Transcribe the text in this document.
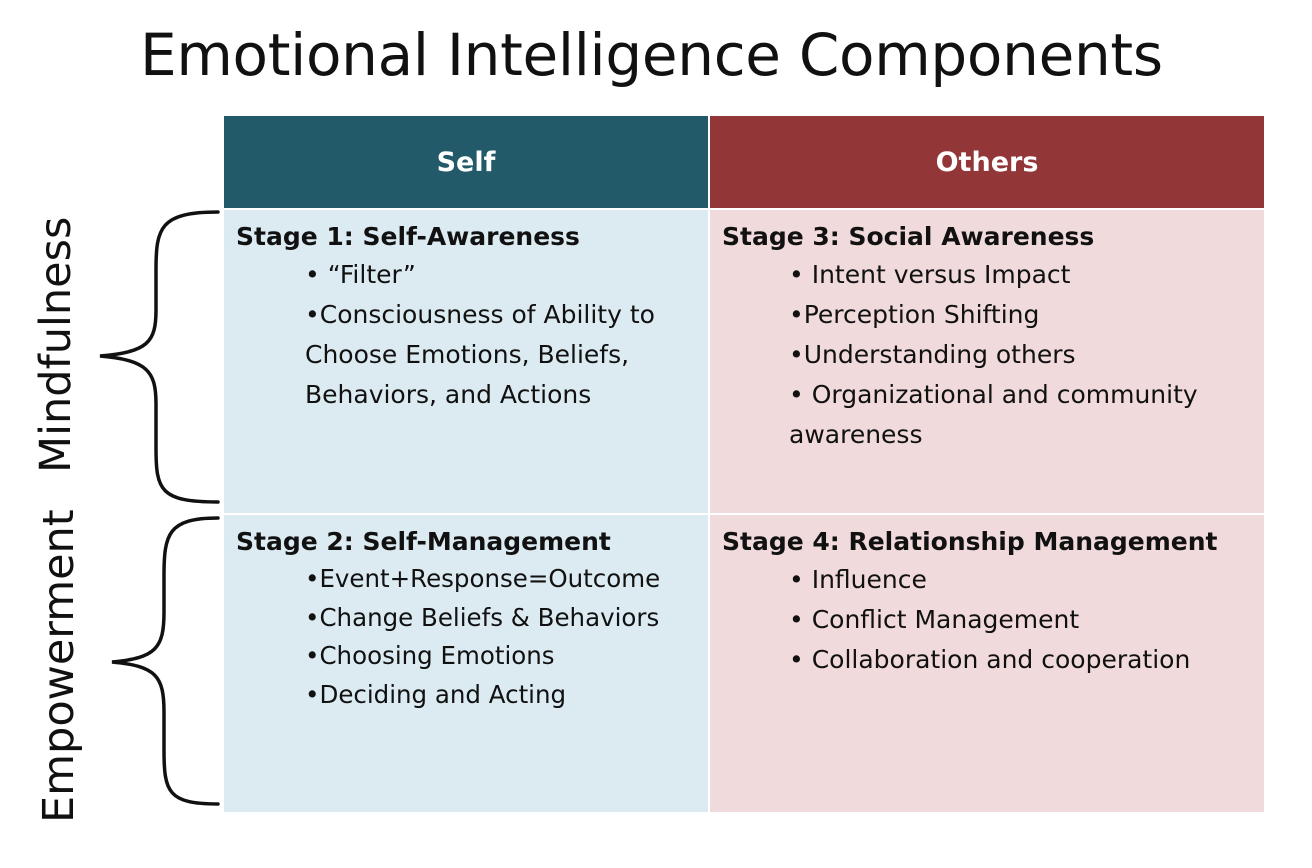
Emotional Intelligence Components
Mindfulness
Empowerment
Self	Others
Stage 1: Self-Awareness
• “Filter”
•Consciousness of Ability to Choose Emotions, Beliefs, Behaviors, and Actions
Stage 3: Social Awareness
• Intent versus Impact
•Perception Shifting
•Understanding others
• Organizational and community awareness
Stage 2: Self-Management
•Event+Response=Outcome
•Change Beliefs & Behaviors
•Choosing Emotions
•Deciding and Acting
Stage 4: Relationship Management
• Influence
• Conflict Management
• Collaboration and cooperation
